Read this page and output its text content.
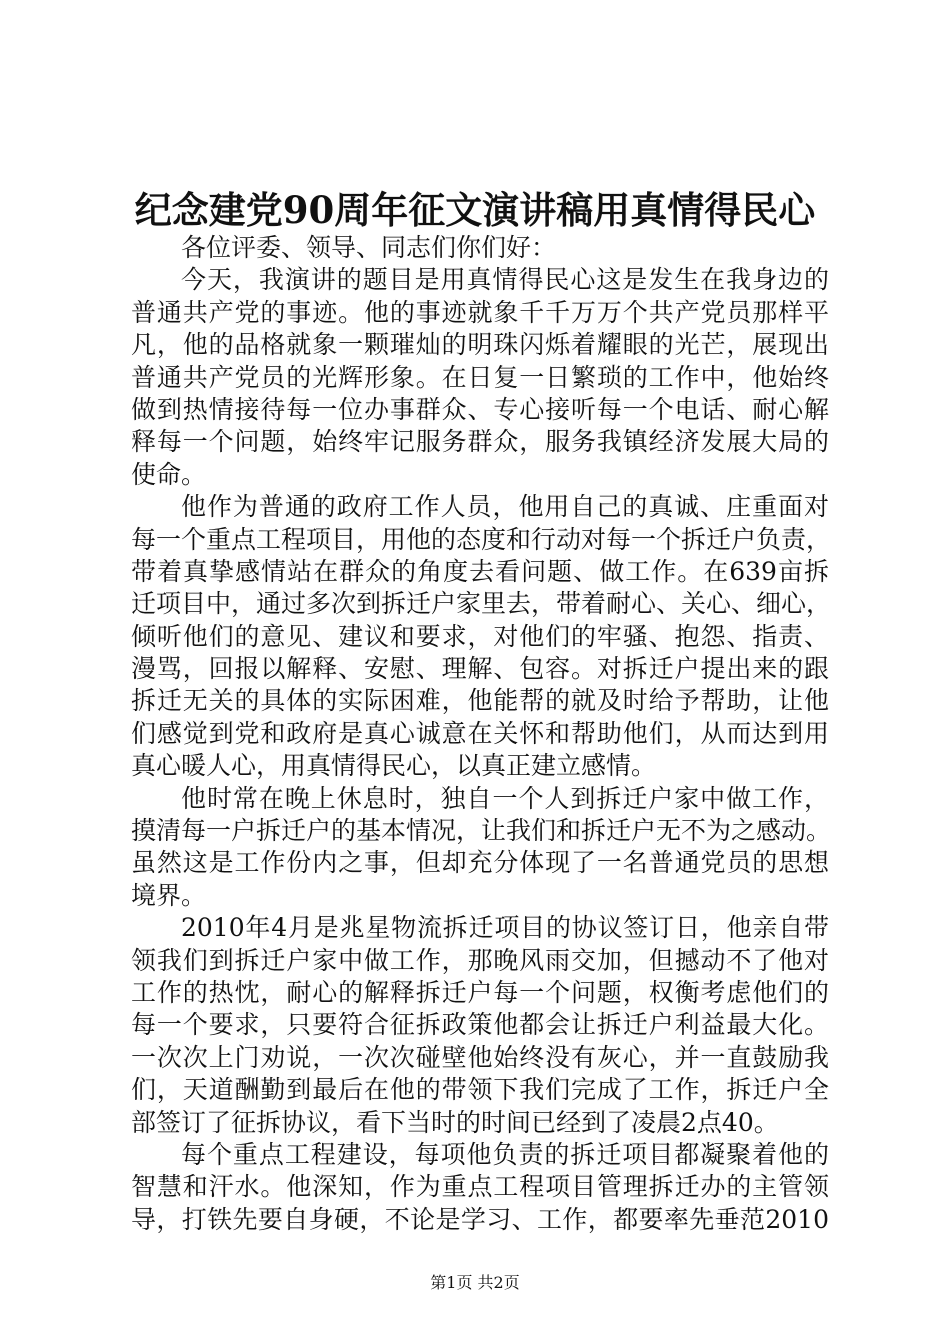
纪念建党90周年征文演讲稿用真情得民心
各位评委、领导、同志们你们好：
今天，我演讲的题目是用真情得民心这是发生在我身边的
普通共产党的事迹。他的事迹就象千千万万个共产党员那样平
凡，他的品格就象一颗璀灿的明珠闪烁着耀眼的光芒，展现出
普通共产党员的光辉形象。在日复一日繁琐的工作中，他始终
做到热情接待每一位办事群众、专心接听每一个电话、耐心解
释每一个问题，始终牢记服务群众，服务我镇经济发展大局的
使命。
他作为普通的政府工作人员，他用自己的真诚、庄重面对
每一个重点工程项目，用他的态度和行动对每一个拆迁户负责，
带着真挚感情站在群众的角度去看问题、做工作。在639亩拆
迁项目中，通过多次到拆迁户家里去，带着耐心、关心、细心，
倾听他们的意见、建议和要求，对他们的牢骚、抱怨、指责、
漫骂，回报以解释、安慰、理解、包容。对拆迁户提出来的跟
拆迁无关的具体的实际困难，他能帮的就及时给予帮助，让他
们感觉到党和政府是真心诚意在关怀和帮助他们，从而达到用
真心暖人心，用真情得民心，以真正建立感情。
他时常在晚上休息时，独自一个人到拆迁户家中做工作，
摸清每一户拆迁户的基本情况，让我们和拆迁户无不为之感动。
虽然这是工作份内之事，但却充分体现了一名普通党员的思想
境界。
2010年4月是兆星物流拆迁项目的协议签订日，他亲自带
领我们到拆迁户家中做工作，那晚风雨交加，但撼动不了他对
工作的热忱，耐心的解释拆迁户每一个问题，权衡考虑他们的
每一个要求，只要符合征拆政策他都会让拆迁户利益最大化。
一次次上门劝说，一次次碰壁他始终没有灰心，并一直鼓励我
们，天道酬勤到最后在他的带领下我们完成了工作，拆迁户全
部签订了征拆协议，看下当时的时间已经到了凌晨2点40。
每个重点工程建设，每项他负责的拆迁项目都凝聚着他的
智慧和汗水。他深知，作为重点工程项目管理拆迁办的主管领
导，打铁先要自身硬，不论是学习、工作，都要率先垂范2010
第1页 共2页
